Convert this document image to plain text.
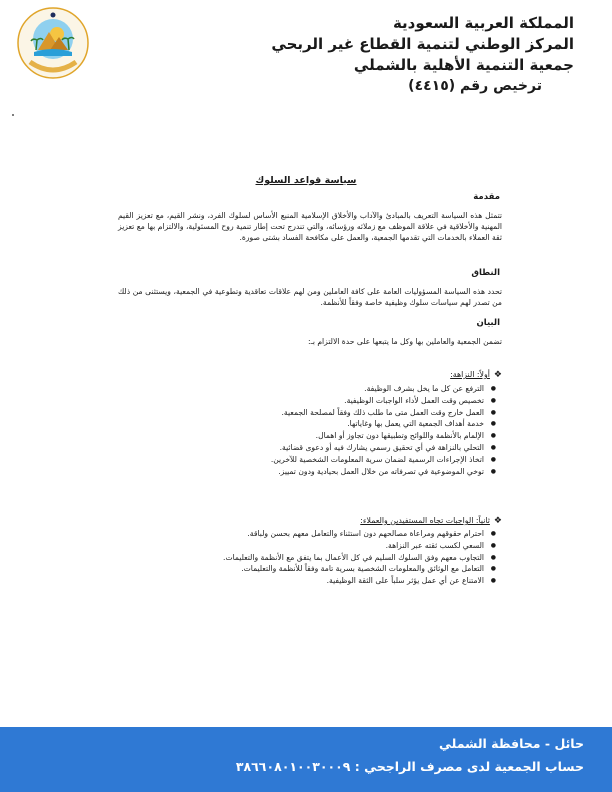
المملكة العربية السعودية
المركز الوطني لتنمية القطاع غير الربحي
جمعية التنمية الأهلية بالشملي
ترخيص رقم (٤٤١٥)
سياسة قواعد السلوك
مقدمة
تتمثل هذه السياسة التعريف بالمبادئ والآداب والأخلاق الإسلامية المنبع الأساس لسلوك الفرد، ونشر القيم، مع تعزيز القيم المهنية والأخلاقية في علاقة الموظف مع زملائه ورؤسائه، والتي تندرج تحت إطار تنمية روح المسئولية، والالتزام بها مع تعزيز ثقة العملاء بالخدمات التي تقدمها الجمعية، والعمل على مكافحة الفساد بشتى صورة.
النطاق
تحدد هذه السياسة المسؤوليات العامة على كافة العاملين ومن لهم علاقات تعاقدية وتطوعية في الجمعية، ويستثنى من ذلك من تصدر لهم سياسات سلوك وظيفية خاصة وفقاً للأنظمة.
البيان
تضمن الجمعية والعاملين بها وكل ما يتبعها على حدة الالتزام بـ:
❖أولاً: النزاهة:
● الترفع عن كل ما يخل بشرف الوظيفة.
● تخصيص وقت العمل لأداء الواجبات الوظيفية.
● العمل خارج وقت العمل متى ما طلب ذلك وفقاً لمصلحة الجمعية.
● خدمة أهداف الجمعية التي يعمل بها وغاياتها.
● الإلمام بالأنظمة واللوائح وتطبيقها دون تجاوز أو اهمال.
● التحلي بالنزاهة في أي تحقيق رسمي يشارك فيه أو دعوى قضائية.
● اتخاذ الإجراءات الرسمية لضمان سرية المعلومات الشخصية للآخرين.
● توخي الموضوعية في تصرفاته من خلال العمل بحيادية ودون تمييز.
❖ثانياً: الواجبات تجاه المستفيدين والعملاء:
● احترام حقوقهم ومراعاة مصالحهم دون استثناء والتعامل معهم بحسن ولباقة.
● السعي لكسب ثقته عبر النزاهة.
● التجاوب معهم وفق السلوك السليم في كل الأعمال بما يتفق مع الأنظمة والتعليمات.
● التعامل مع الوثائق والمعلومات الشخصية بسرية تامة وفقاً للأنظمة والتعليمات.
● الامتناع عن أي عمل يؤثر سلباً على الثقة الوظيفية.
حائل - محافظة الشملي
حساب الجمعية لدى مصرف الراجحي : ٣٨٦٦٠٨٠١٠٠٣٠٠٠٩
